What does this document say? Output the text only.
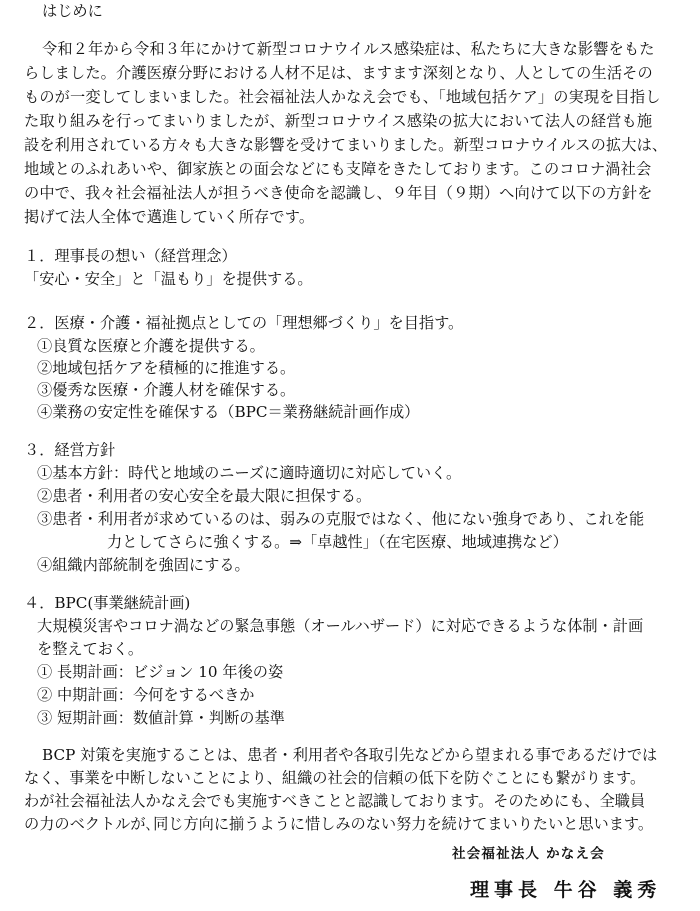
はじめに
令和２年から令和３年にかけて新型コロナウイルス感染症は、私たちに大きな影響をもた
らしました。介護医療分野における人材不足は、ますます深刻となり、人としての生活その
ものが一変してしまいました。社会福祉法人かなえ会でも、「地域包括ケア」の実現を目指し
た取り組みを行ってまいりましたが、新型コロナウイス感染の拡大において法人の経営も施
設を利用されている方々も大きな影響を受けてまいりました。新型コロナウイルスの拡大は、
地域とのふれあいや、御家族との面会などにも支障をきたしております。このコロナ渦社会
の中で、我々社会福祉法人が担うべき使命を認識し、９年目（９期）へ向けて以下の方針を
掲げて法人全体で邁進していく所存です。
１．理事長の想い（経営理念）
「安心・安全」と「温もり」を提供する。
２．医療・介護・福祉拠点としての「理想郷づくり」を目指す。
①良質な医療と介護を提供する。
②地域包括ケアを積極的に推進する。
③優秀な医療・介護人材を確保する。
④業務の安定性を確保する（BPC＝業務継続計画作成）
３．経営方針
①基本方針：時代と地域のニーズに適時適切に対応していく。
②患者・利用者の安心安全を最大限に担保する。
③患者・利用者が求めているのは、弱みの克服ではなく、他にない強身であり、これを能
力としてさらに強くする。⇒「卓越性」（在宅医療、地域連携など）
④組織内部統制を強固にする。
４．BPC(事業継続計画)
大規模災害やコロナ渦などの緊急事態（オールハザード）に対応できるような体制・計画
を整えておく。
① 長期計画：ビジョン 10 年後の姿
② 中期計画：今何をするべきか
③ 短期計画：数値計算・判断の基準
BCP 対策を実施することは、患者・利用者や各取引先などから望まれる事であるだけでは
なく、事業を中断しないことにより、組織の社会的信頼の低下を防ぐことにも繋がります。
わが社会福祉法人かなえ会でも実施すべきことと認識しております。そのためにも、全職員
の力のベクトルが､同じ方向に揃うように惜しみのない努力を続けてまいりたいと思います。
社会福祉法人 かなえ会
理事長 牛谷 義秀
